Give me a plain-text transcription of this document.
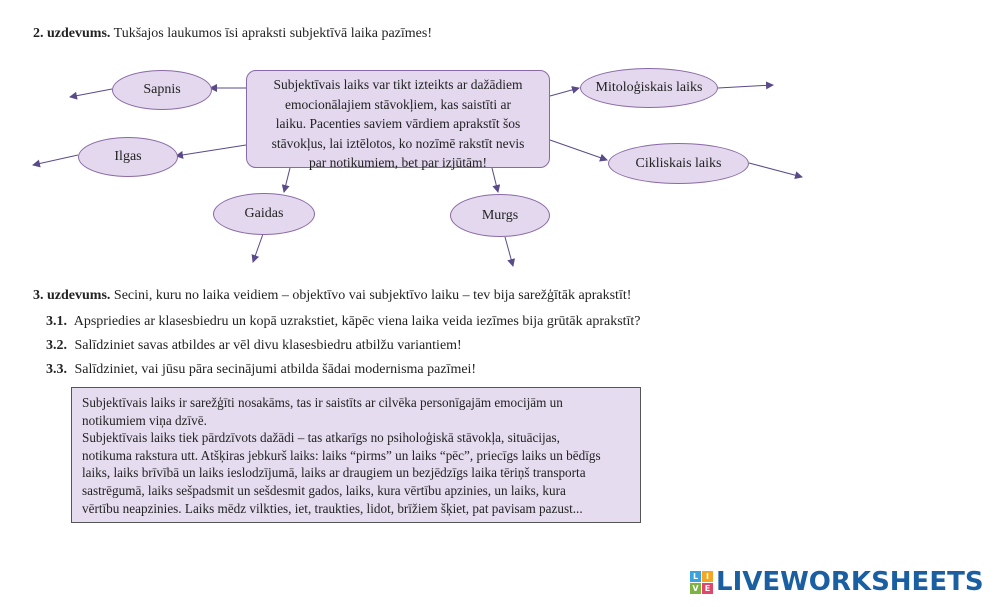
2. uzdevums. Tukšajos laukumos īsi apraksti subjektīvā laika pazīmes!
Subjektīvais laiks var tikt izteikts ar dažādiem
emocionālajiem stāvokļiem, kas saistīti ar
laiku. Pacenties saviem vārdiem aprakstīt šos
stāvokļus, lai iztēlotos, ko nozīmē rakstīt nevis
par notikumiem, bet par izjūtām!
Sapnis
Ilgas
Gaidas	Murgs
Mitoloģiskais laiks
Cikliskais laiks
3. uzdevums. Secini, kuru no laika veidiem – objektīvo vai subjektīvo laiku – tev bija sarežģītāk aprakstīt!
3.1. Apspriedies ar klasesbiedru un kopā uzrakstiet, kāpēc viena laika veida iezīmes bija grūtāk aprakstīt?
3.2. Salīdziniet savas atbildes ar vēl divu klasesbiedru atbilžu variantiem!
3.3. Salīdziniet, vai jūsu pāra secinājumi atbilda šādai modernisma pazīmei!
Subjektīvais laiks ir sarežģīti nosakāms, tas ir saistīts ar cilvēka personīgajām emocijām un
notikumiem viņa dzīvē.
Subjektīvais laiks tiek pārdzīvots dažādi – tas atkarīgs no psiholoģiskā stāvokļa, situācijas,
notikuma rakstura utt. Atšķiras jebkurš laiks: laiks “pirms” un laiks “pēc”, priecīgs laiks un bēdīgs
laiks, laiks brīvībā un laiks ieslodzījumā, laiks ar draugiem un bezjēdzīgs laika tēriņš transporta
sastrēgumā, laiks sešpadsmit un sešdesmit gados, laiks, kura vērtību apzinies, un laiks, kura
vērtību neapzinies. Laiks mēdz vilkties, iet, traukties, lidot, brīžiem šķiet, pat pavisam pazust...
L I
V E LIVEWORKSHEETS
